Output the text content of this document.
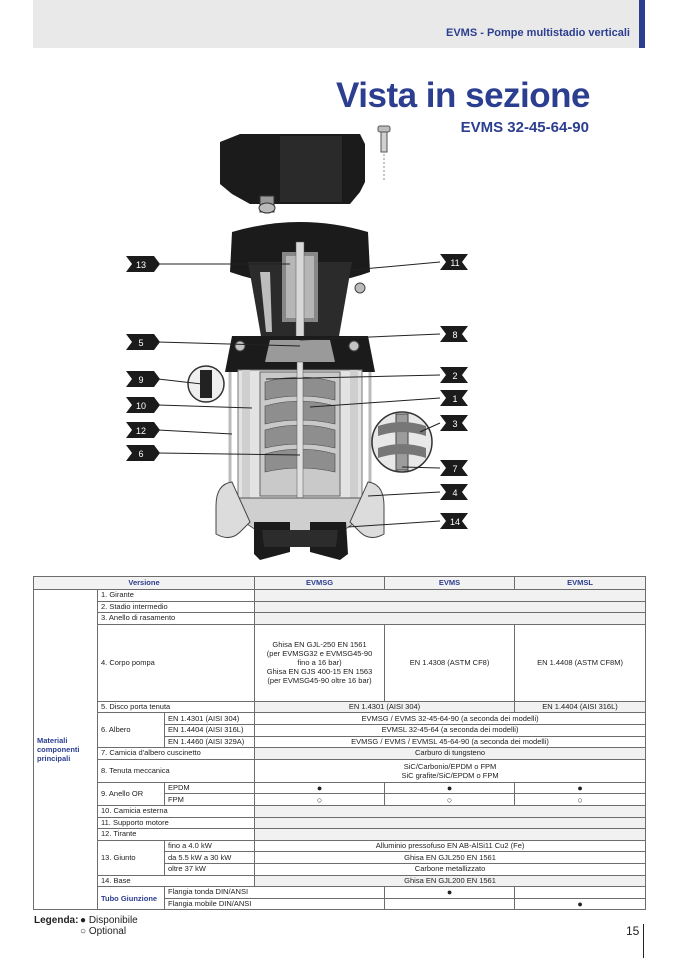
EVMS - Pompe multistadio verticali
Vista in sezione
EVMS 32-45-64-90
13	11
5
8
9	2
10
1
12
3
6
7
4
14
Versione			EVMSG	EVMS	EVMSL	
Materiali componenti principali	1. Girante					
	2. Stadio intermedio					
	3. Anello di rasamento					
	4. Corpo pompa		Ghisa EN GJL-250 EN 1561
(per EVMSG32 e EVMSG45-90
fino a 16 bar)
Ghisa EN GJS 400-15 EN 1563
(per EVMSG45-90 oltre 16 bar)	EN 1.4308 (ASTM CF8)	EN 1.4408 (ASTM CF8M)	
	5. Disco porta tenuta		EN 1.4301 (AISI 304)		EN 1.4404 (AISI 316L)	
	6. Albero	EN 1.4301 (AISI 304)	EVMSG / EVMS 32-45-64-90 (a seconda dei modelli)			
		EN 1.4404 (AISI 316L)	EVMSL 32-45-64 (a seconda dei modelli)			
		EN 1.4460 (AISI 329A)	EVMSG / EVMS / EVMSL 45-64-90 (a seconda dei modelli)			
	7. Camicia d'albero cuscinetto		Carburo di tungsteno			
	8. Tenuta meccanica		SiC/Carbonio/EPDM o FPM
SiC grafite/SiC/EPDM o FPM			

	9. Anello OR	EPDM	●	●	●	
		FPM	○	○	○	
	10. Camicia esterna					
	11. Supporto motore					
	12. Tirante					
	13. Giunto	fino a 4.0 kW	Alluminio pressofuso EN AB-AlSi11 Cu2 (Fe)			
		da 5.5 kW a 30 kW	Ghisa EN GJL250 EN 1561			
		oltre 37 kW	Carbone metallizzato			
	14. Base		Ghisa EN GJL200 EN 1561			
	Tubo Giunzione	Flangia tonda DIN/ANSI		●		
		Flangia mobile DIN/ANSI			●	
Legenda: ● Disponibile
○ Optional	15
